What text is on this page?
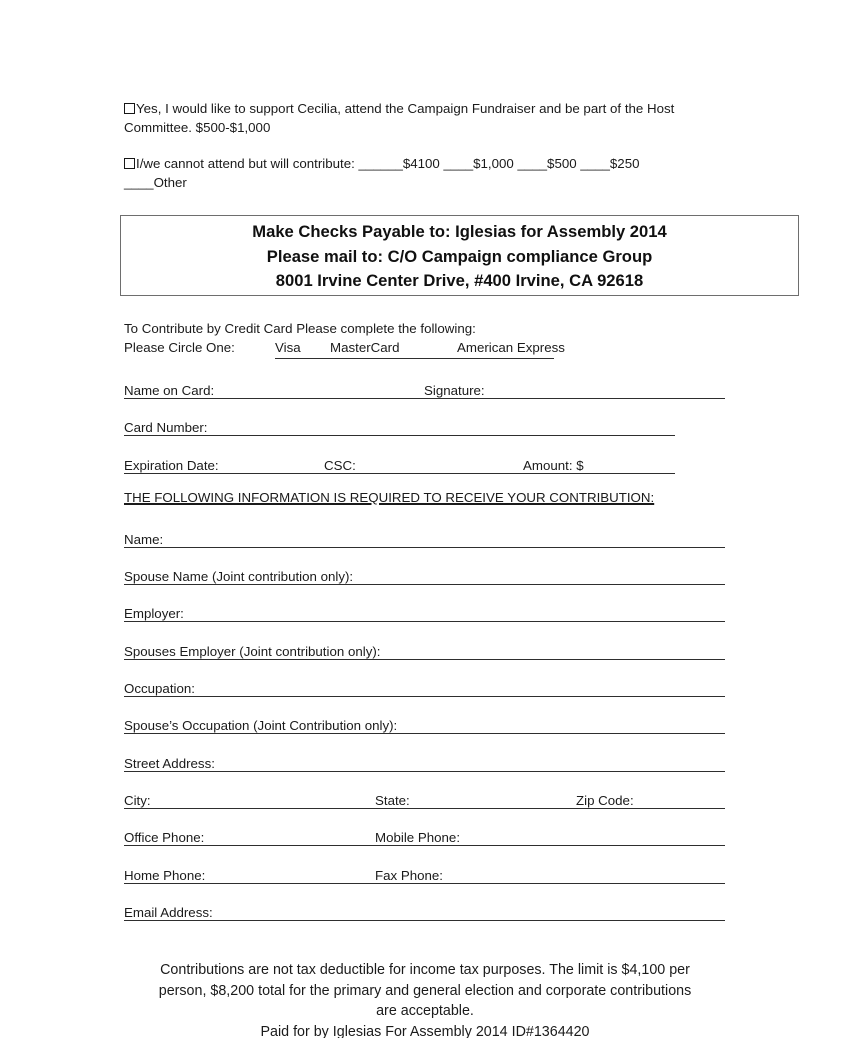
Yes, I would like to support Cecilia, attend the Campaign Fundraiser and be part of the Host
Committee. $500-$1,000
I/we cannot attend but will contribute: ______$4100 ____$1,000 ____$500 ____$250
____Other
Make Checks Payable to: Iglesias for Assembly 2014
Please mail to: C/O Campaign compliance Group
8001 Irvine Center Drive, #400 Irvine, CA 92618
To Contribute by Credit Card Please complete the following:
Please Circle One:	Visa MasterCard	American Express
Name on Card:	Signature:
Card Number:
Expiration Date:	CSC:	Amount: $
THE FOLLOWING INFORMATION IS REQUIRED TO RECEIVE YOUR CONTRIBUTION:
Name:
Spouse Name (Joint contribution only):
Employer:
Spouses Employer (Joint contribution only):
Occupation:
Spouse’s Occupation (Joint Contribution only):
Street Address:
City:	State:	Zip Code:
Office Phone:	Mobile Phone:
Home Phone:	Fax Phone:
Email Address:
Contributions are not tax deductible for income tax purposes. The limit is $4,100 per
person, $8,200 total for the primary and general election and corporate contributions
are acceptable.
Paid for by Iglesias For Assembly 2014 ID#1364420
